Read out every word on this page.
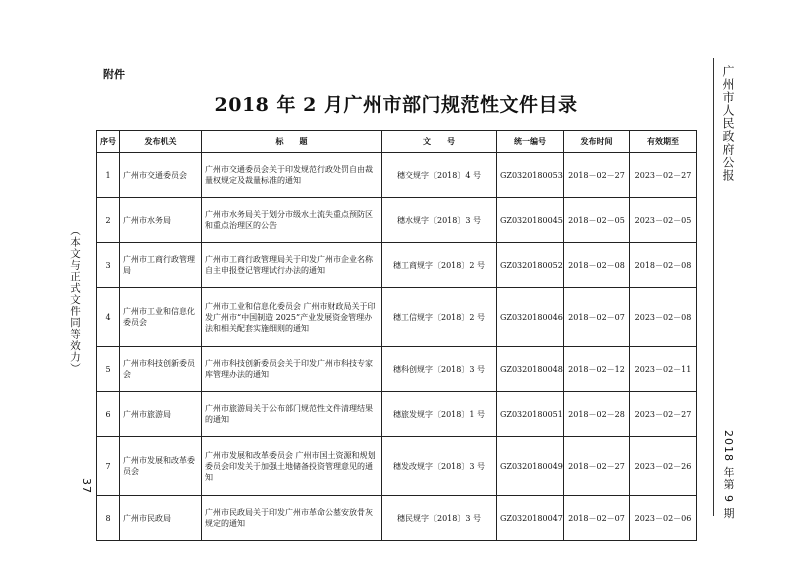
附件
2018 年 2 月广州市部门规范性文件目录
序号	发布机关	标　　题	文　　号	统一编号	发布时间	有效期至
1	广州市交通委员会	广州市交通委员会关于印发规范行政处罚自由裁量权规定及裁量标准的通知	穗交规字〔2018〕4 号	GZ0320180053	2018－02－27	2023－02－27
2	广州市水务局	广州市水务局关于划分市级水土流失重点预防区和重点治理区的公告	穗水规字〔2018〕3 号	GZ0320180045	2018－02－05	2023－02－05
3	广州市工商行政管理局	广州市工商行政管理局关于印发广州市企业名称自主申报登记管理试行办法的通知	穗工商规字〔2018〕2 号	GZ0320180052	2018－02－08	2018－02－08
4	广州市工业和信息化委员会	广州市工业和信息化委员会 广州市财政局关于印发广州市“中国制造 2025”产业发展资金管理办法和相关配套实施细则的通知	穗工信规字〔2018〕2 号	GZ0320180046	2018－02－07	2023－02－08
5	广州市科技创新委员会	广州市科技创新委员会关于印发广州市科技专家库管理办法的通知	穗科创规字〔2018〕3 号	GZ0320180048	2018－02－12	2023－02－11
6	广州市旅游局	广州市旅游局关于公布部门规范性文件清理结果的通知	穗旅发规字〔2018〕1 号	GZ0320180051	2018－02－28	2023－02－27
7	广州市发展和改革委员会	广州市发展和改革委员会 广州市国土资源和规划委员会印发关于加强土地储备投资管理意见的通知	穗发改规字〔2018〕3 号	GZ0320180049	2018－02－27	2023－02－26
8	广州市民政局	广州市民政局关于印发广州市革命公墓安放骨灰规定的通知	穗民规字〔2018〕3 号	GZ0320180047	2018－02－07	2023－02－06
（本文与正式文件同等效力）
37
广州市人民政府公报
2018 年第 9 期
